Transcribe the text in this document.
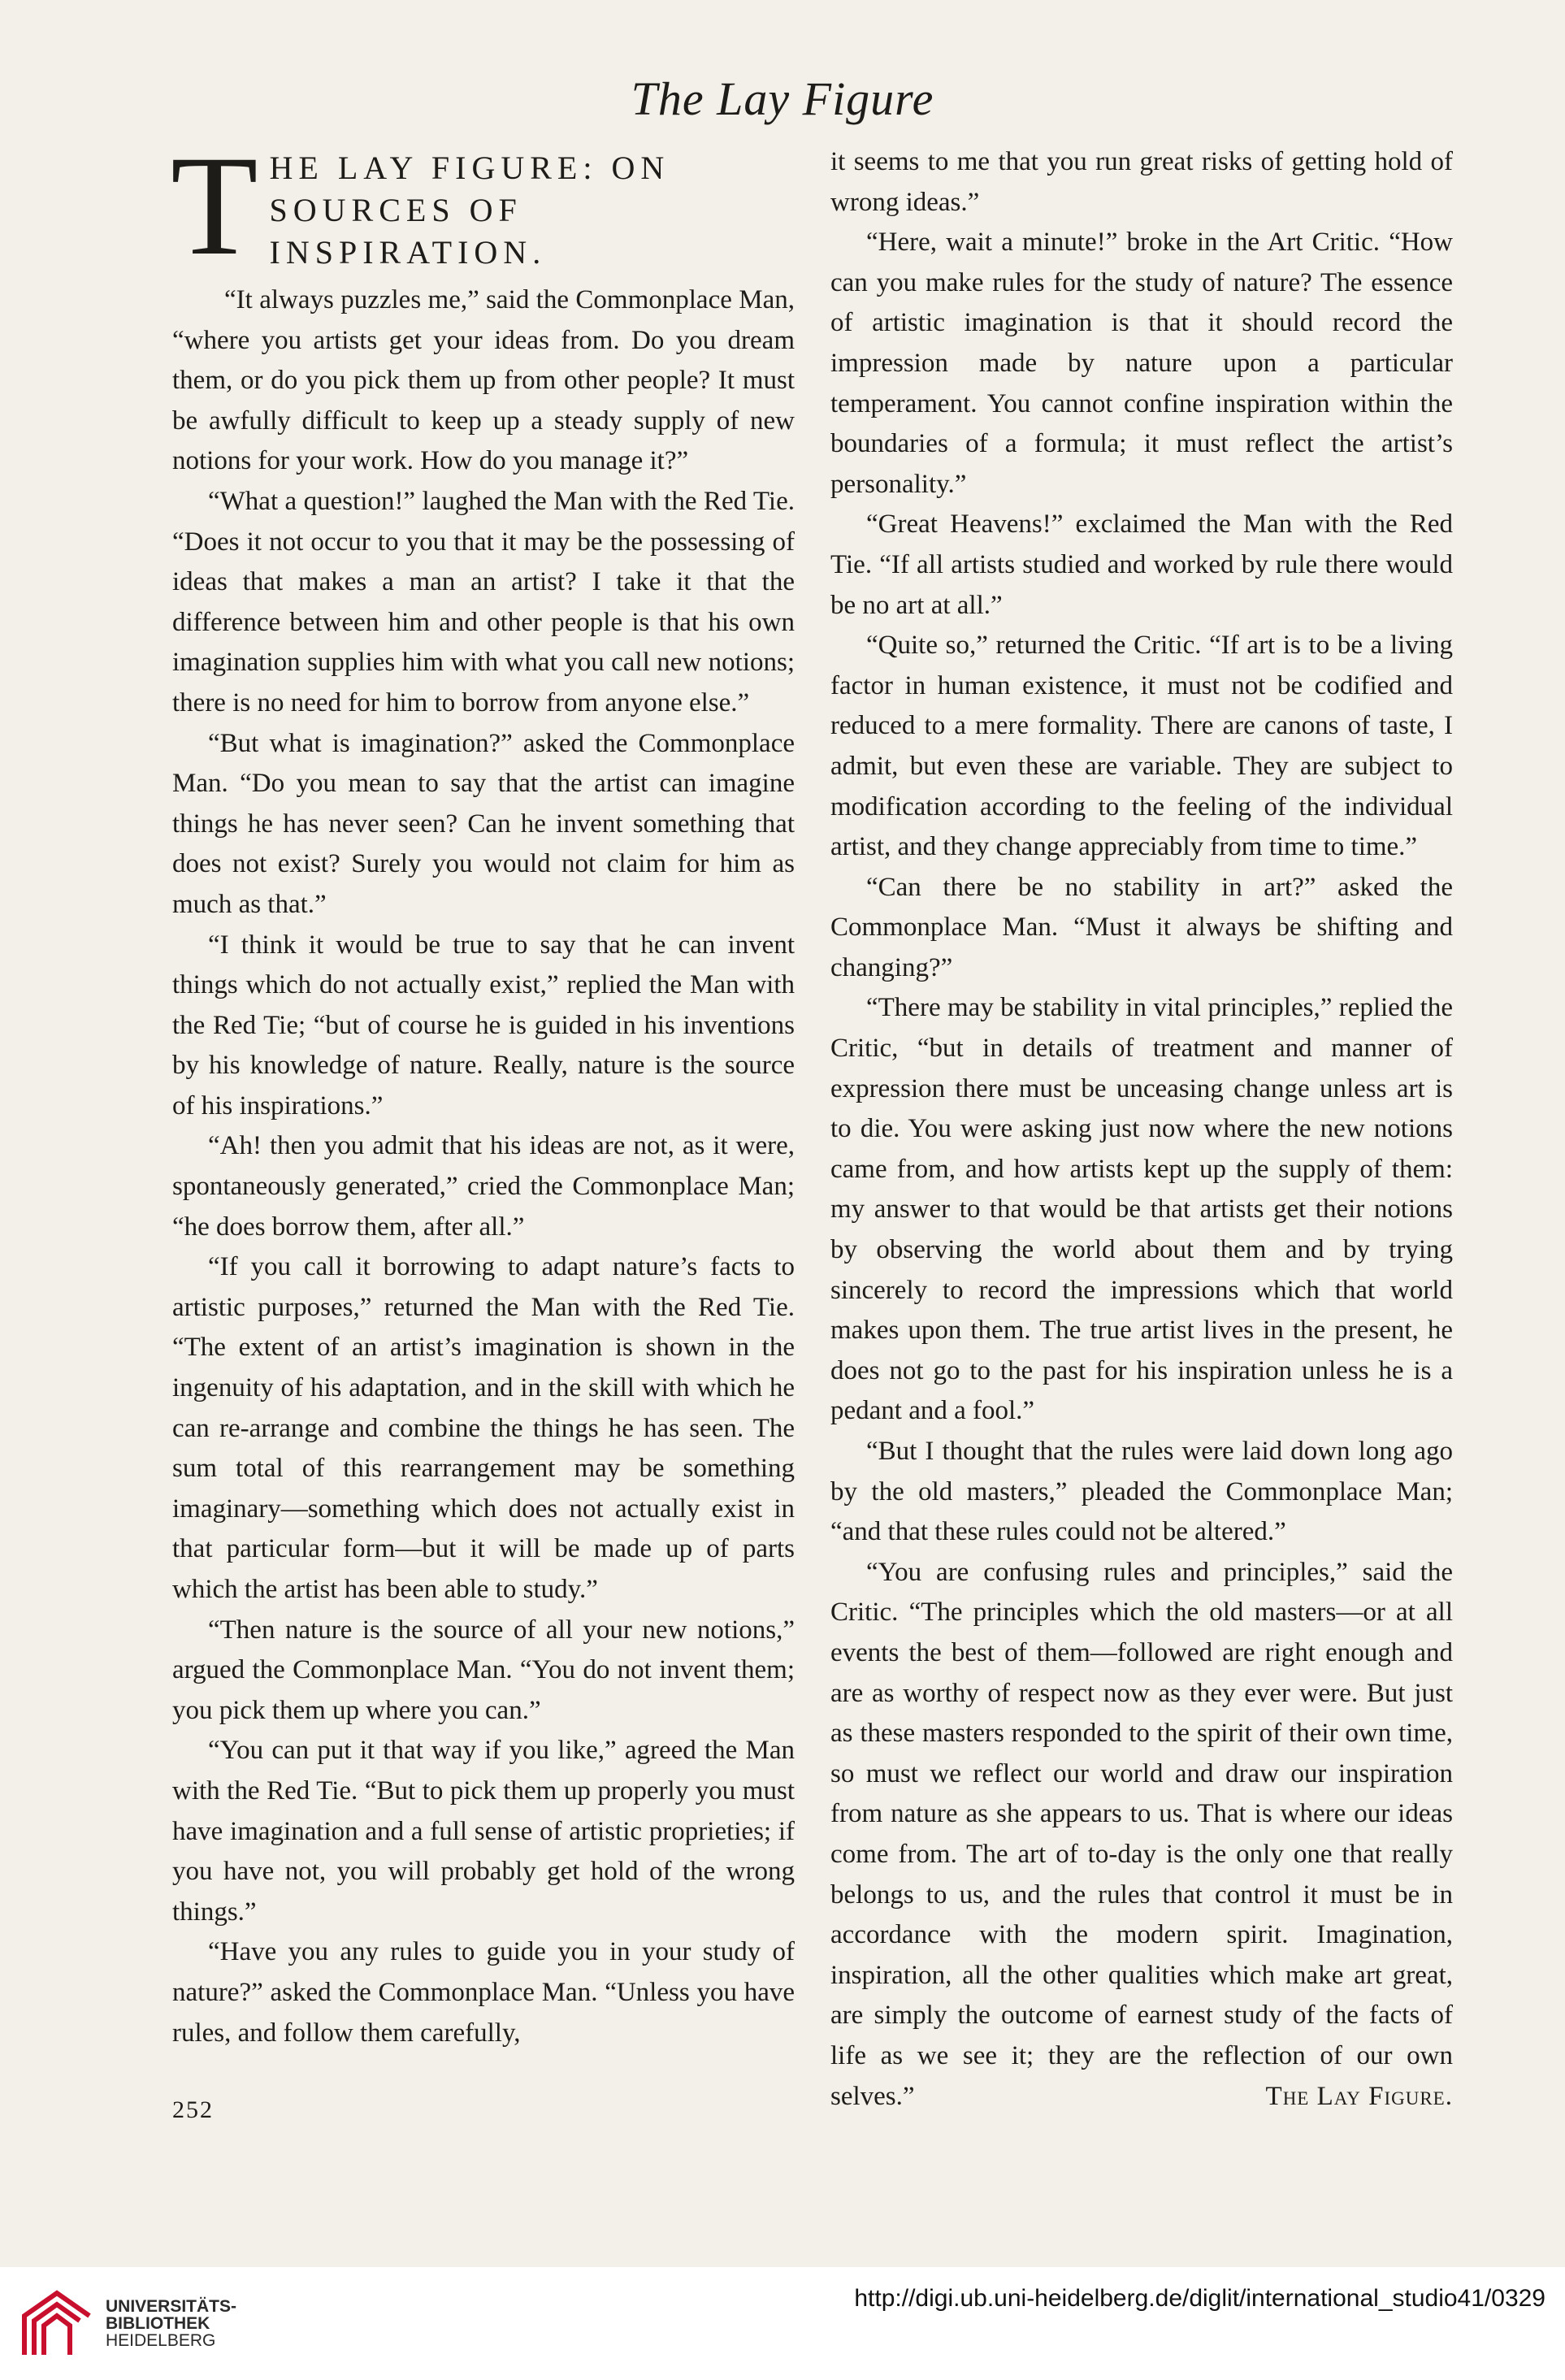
The Lay Figure
T HE LAY FIGURE: ON
SOURCES OF INSPIRATION.

“It always puzzles me,” said the Commonplace Man, “where you artists get your ideas from. Do you dream them, or do you pick them up from other people? It must be awfully difficult to keep up a steady supply of new notions for your work. How do you manage it?”

“What a question!” laughed the Man with the Red Tie. “Does it not occur to you that it may be the possessing of ideas that makes a man an artist? I take it that the difference between him and other people is that his own imagination supplies him with what you call new notions; there is no need for him to borrow from anyone else.”

“But what is imagination?” asked the Commonplace Man. “Do you mean to say that the artist can imagine things he has never seen? Can he invent something that does not exist? Surely you would not claim for him as much as that.”

“I think it would be true to say that he can invent things which do not actually exist,” replied the Man with the Red Tie; “but of course he is guided in his inventions by his knowledge of nature. Really, nature is the source of his inspirations.”

“Ah! then you admit that his ideas are not, as it were, spontaneously generated,” cried the Commonplace Man; “he does borrow them, after all.”

“If you call it borrowing to adapt nature’s facts to artistic purposes,” returned the Man with the Red Tie. “The extent of an artist’s imagination is shown in the ingenuity of his adaptation, and in the skill with which he can re-arrange and combine the things he has seen. The sum total of this rearrangement may be something imaginary—something which does not actually exist in that particular form—but it will be made up of parts which the artist has been able to study.”

“Then nature is the source of all your new notions,” argued the Commonplace Man. “You do not invent them; you pick them up where you can.”

“You can put it that way if you like,” agreed the Man with the Red Tie. “But to pick them up properly you must have imagination and a full sense of artistic proprieties; if you have not, you will probably get hold of the wrong things.”

“Have you any rules to guide you in your study of nature?” asked the Commonplace Man. “Unless you have rules, and follow them carefully,

it seems to me that you run great risks of getting hold of wrong ideas.”

“Here, wait a minute!” broke in the Art Critic. “How can you make rules for the study of nature? The essence of artistic imagination is that it should record the impression made by nature upon a particular temperament. You cannot confine inspiration within the boundaries of a formula; it must reflect the artist’s personality.”

“Great Heavens!” exclaimed the Man with the Red Tie. “If all artists studied and worked by rule there would be no art at all.”

“Quite so,” returned the Critic. “If art is to be a living factor in human existence, it must not be codified and reduced to a mere formality. There are canons of taste, I admit, but even these are variable. They are subject to modification according to the feeling of the individual artist, and they change appreciably from time to time.”

“Can there be no stability in art?” asked the Commonplace Man. “Must it always be shifting and changing?”

“There may be stability in vital principles,” replied the Critic, “but in details of treatment and manner of expression there must be unceasing change unless art is to die. You were asking just now where the new notions came from, and how artists kept up the supply of them: my answer to that would be that artists get their notions by observing the world about them and by trying sincerely to record the impressions which that world makes upon them. The true artist lives in the present, he does not go to the past for his inspiration unless he is a pedant and a fool.”

“But I thought that the rules were laid down long ago by the old masters,” pleaded the Commonplace Man; “and that these rules could not be altered.”

“You are confusing rules and principles,” said the Critic. “The principles which the old masters—or at all events the best of them—followed are right enough and are as worthy of respect now as they ever were. But just as these masters responded to the spirit of their own time, so must we reflect our world and draw our inspiration from nature as she appears to us. That is where our ideas come from. The art of to-day is the only one that really belongs to us, and the rules that control it must be in accordance with the modern spirit. Imagination, inspiration, all the other qualities which make art great, are simply the outcome of earnest study of the facts of life as we see it; they are the reflection of our own selves.”	The Lay Figure.

252
UNIVERSITÄTS-
BIBLIOTHEK
HEIDELBERG
http://digi.ub.uni-heidelberg.de/diglit/international_studio41/0329
